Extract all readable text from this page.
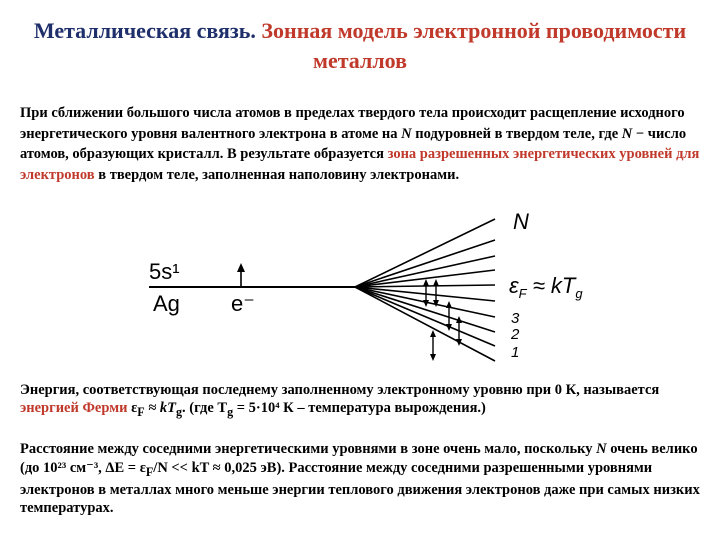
Металлическая связь. Зонная модель электронной проводимости металлов
При сближении большого числа атомов в пределах твердого тела происходит расщепление исходного энергетического уровня валентного электрона в атоме на N подуровней в твердом теле, где N − число атомов, образующих кристалл. В результате образуется зона разрешенных энергетических уровней для электронов в твердом теле, заполненная наполовину электронами.
5s¹
Ag e⁻
N
$\varepsilon_F \approx kT_g$
3
2
1
Энергия, соответствующая последнему заполненному электронному уровню при 0 К, называется энергией Ферми $\varepsilon_F \approx kT_g$. (где $T_g = 5\cdot 10^4$ К – температура вырождения.)
Расстояние между соседними энергетическими уровнями в зоне очень мало, поскольку N очень велико (до 10²³ см⁻³, $\Delta E = \varepsilon_F/N$ << kT ≈ 0,025 эВ). Расстояние между соседними разрешенными уровнями электронов в металлах много меньше энергии теплового движения электронов даже при самых низких температурах.
